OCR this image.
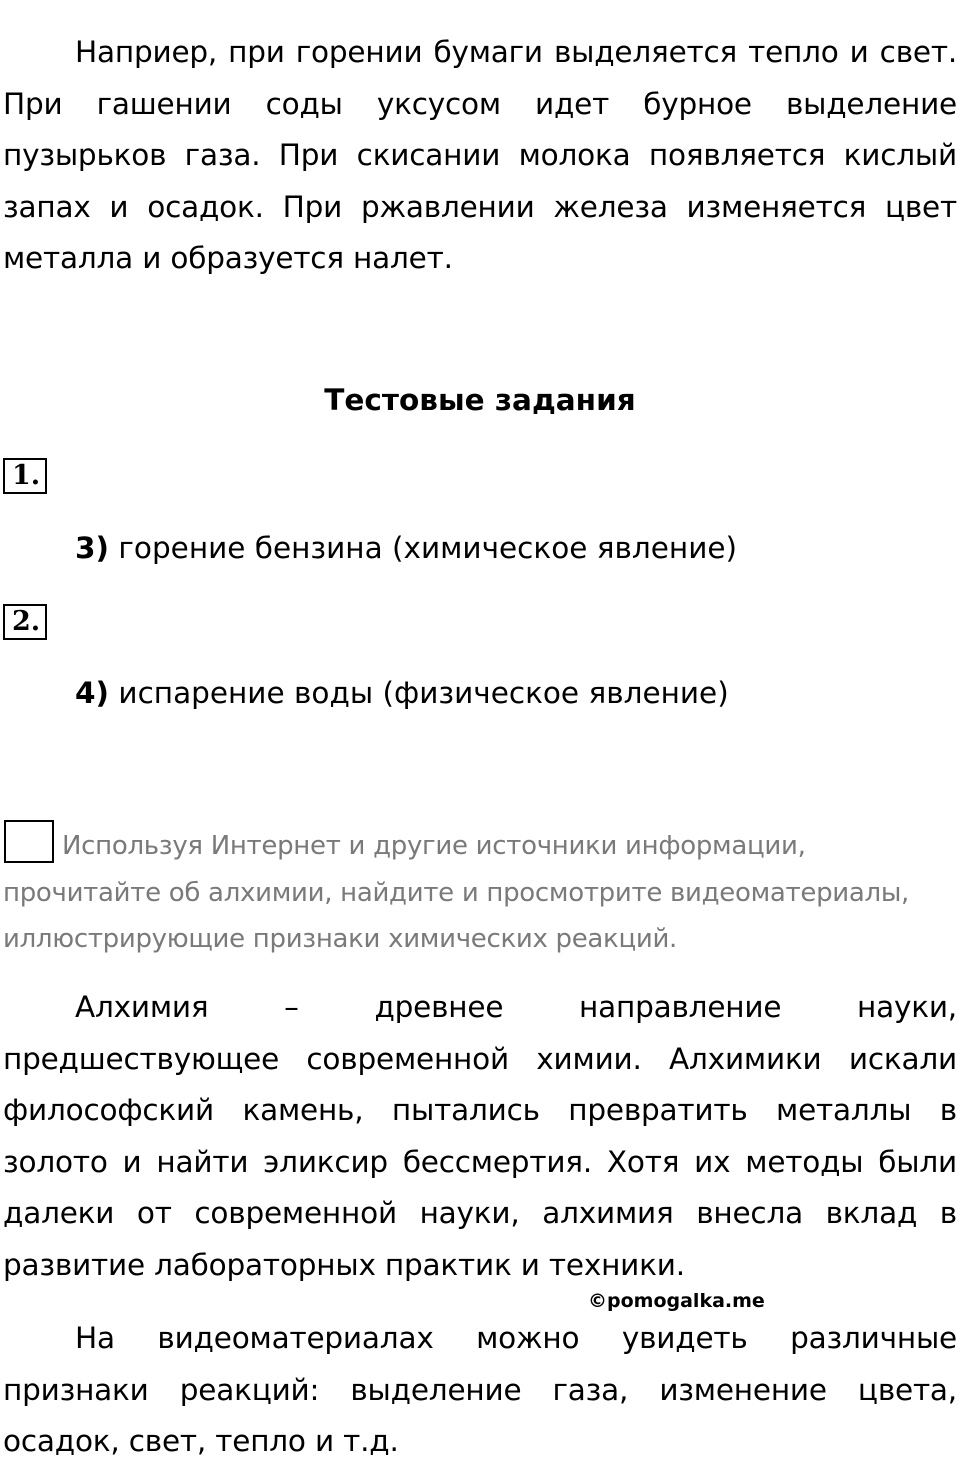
Наприер, при горении бумаги выделяется тепло и свет. При гашении соды уксусом идет бурное выделение пузырьков газа. При скисании молока появляется кислый запах и осадок. При ржавлении железа изменяется цвет металла и образуется налет.

Тестовые задания
1.

3) горение бензина (химическое явление)

2.

4) испарение воды (физическое явление)

Используя Интернет и другие источники информации, прочитайте об алхимии, найдите и просмотрите видеоматериалы, иллюстрирующие признаки химических реакций.

Алхимия – древнее направление науки, предшествующее современной химии. Алхимики искали философский камень, пытались превратить металлы в золото и найти эликсир бессмертия. Хотя их методы были далеки от современной науки, алхимия внесла вклад в развитие лабораторных практик и техники.

©pomogalka.me

На видеоматериалах можно увидеть различные признаки реакций: выделение газа, изменение цвета, осадок, свет, тепло и т.д.
